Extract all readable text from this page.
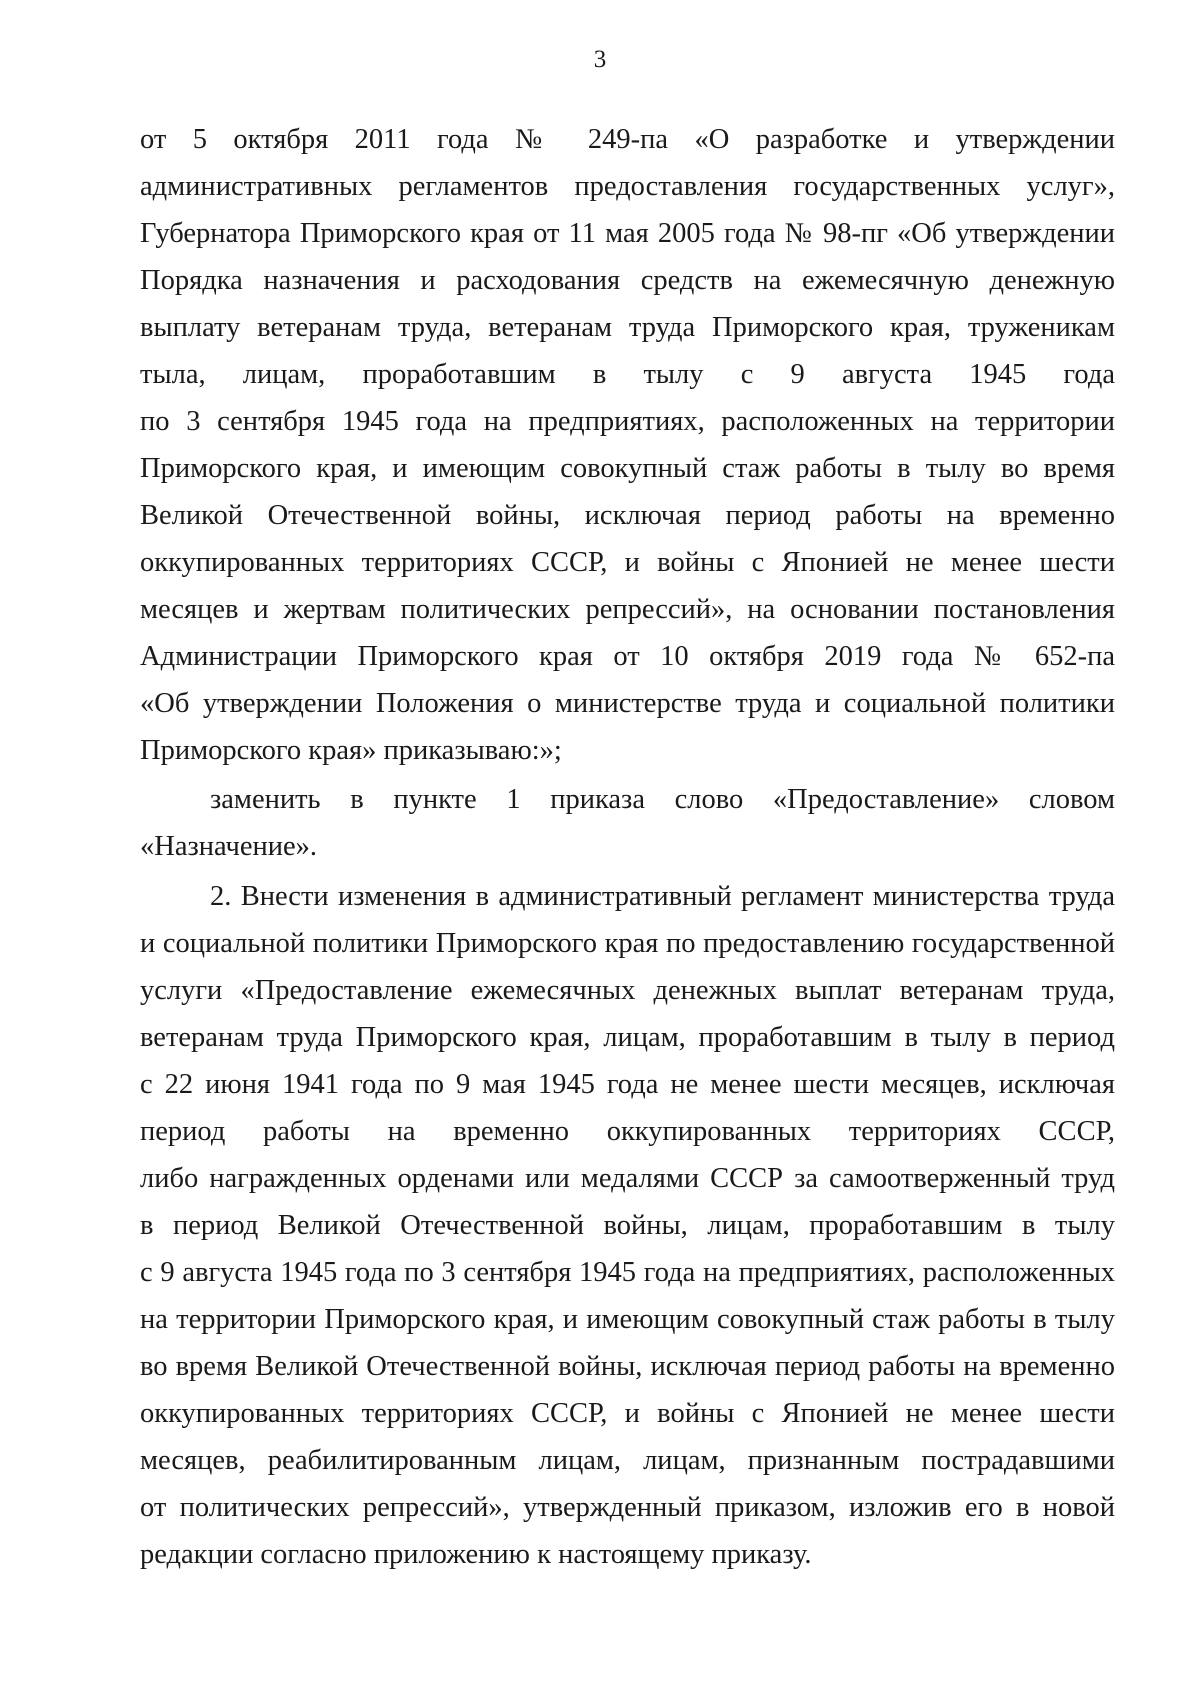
3
от 5 октября 2011 года № 249-па «О разработке и утверждении
административных регламентов предоставления государственных услуг»,
Губернатора Приморского края от 11 мая 2005 года № 98-пг «Об утверждении
Порядка назначения и расходования средств на ежемесячную денежную
выплату ветеранам труда, ветеранам труда Приморского края, труженикам
тыла, лицам, проработавшим в тылу с 9 августа 1945 года
по 3 сентября 1945 года на предприятиях, расположенных на территории
Приморского края, и имеющим совокупный стаж работы в тылу во время
Великой Отечественной войны, исключая период работы на временно
оккупированных территориях СССР, и войны с Японией не менее шести
месяцев и жертвам политических репрессий», на основании постановления
Администрации Приморского края от 10 октября 2019 года № 652-па
«Об утверждении Положения о министерстве труда и социальной политики
Приморского края» приказываю:»;
заменить в пункте 1 приказа слово «Предоставление» словом
«Назначение».
2. Внести изменения в административный регламент министерства труда
и социальной политики Приморского края по предоставлению государственной
услуги «Предоставление ежемесячных денежных выплат ветеранам труда,
ветеранам труда Приморского края, лицам, проработавшим в тылу в период
с 22 июня 1941 года по 9 мая 1945 года не менее шести месяцев, исключая
период работы на временно оккупированных территориях СССР,
либо награжденных орденами или медалями СССР за самоотверженный труд
в период Великой Отечественной войны, лицам, проработавшим в тылу
с 9 августа 1945 года по 3 сентября 1945 года на предприятиях, расположенных
на территории Приморского края, и имеющим совокупный стаж работы в тылу
во время Великой Отечественной войны, исключая период работы на временно
оккупированных территориях СССР, и войны с Японией не менее шести
месяцев, реабилитированным лицам, лицам, признанным пострадавшими
от политических репрессий», утвержденный приказом, изложив его в новой
редакции согласно приложению к настоящему приказу.
